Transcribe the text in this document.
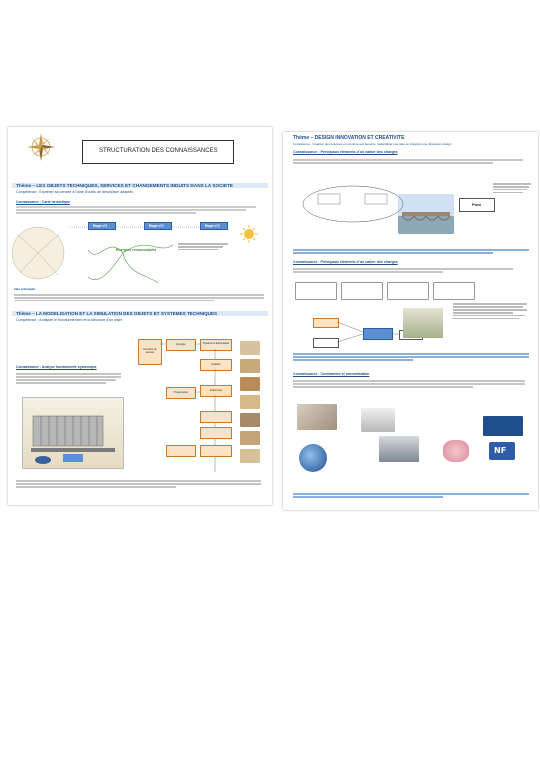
STRUCTURATION DES CONNAISSANCES
Thème – LES OBJETS TECHNIQUES, SERVICES ET CHANGEMENTS INDUITS DANS LA SOCIETE
Compétence : Exprimer sa pensée à l’aide d’outils de description adaptés
Connaissance : Carte heuristique
Etape n°1	Etape n°2	Etape n°3
Energies renouvelables
Idée principale
Thème – LA MODELISATION ET LA SIMULATION DES OBJETS ET SYSTEMES TECHNIQUES
Compétence : Analyser le fonctionnement et la structure d’un objet
Connaissance : Analyse fonctionnelle systémique
Fonction de service
Energie	Système à automatiser
Capteur
Actionneur
Transmettre
Thème – DESIGN INNOVATION ET CREATIVITE
Compétence : Imaginer des solutions en réponse aux besoins, matérialiser une idée en intégrant une dimension design
Connaissance : Principaux éléments d’un cahier des charges
Pont
Connaissance : Principaux éléments d’un cahier des charges
Connaissance : Contraintes et normalisation
NF
